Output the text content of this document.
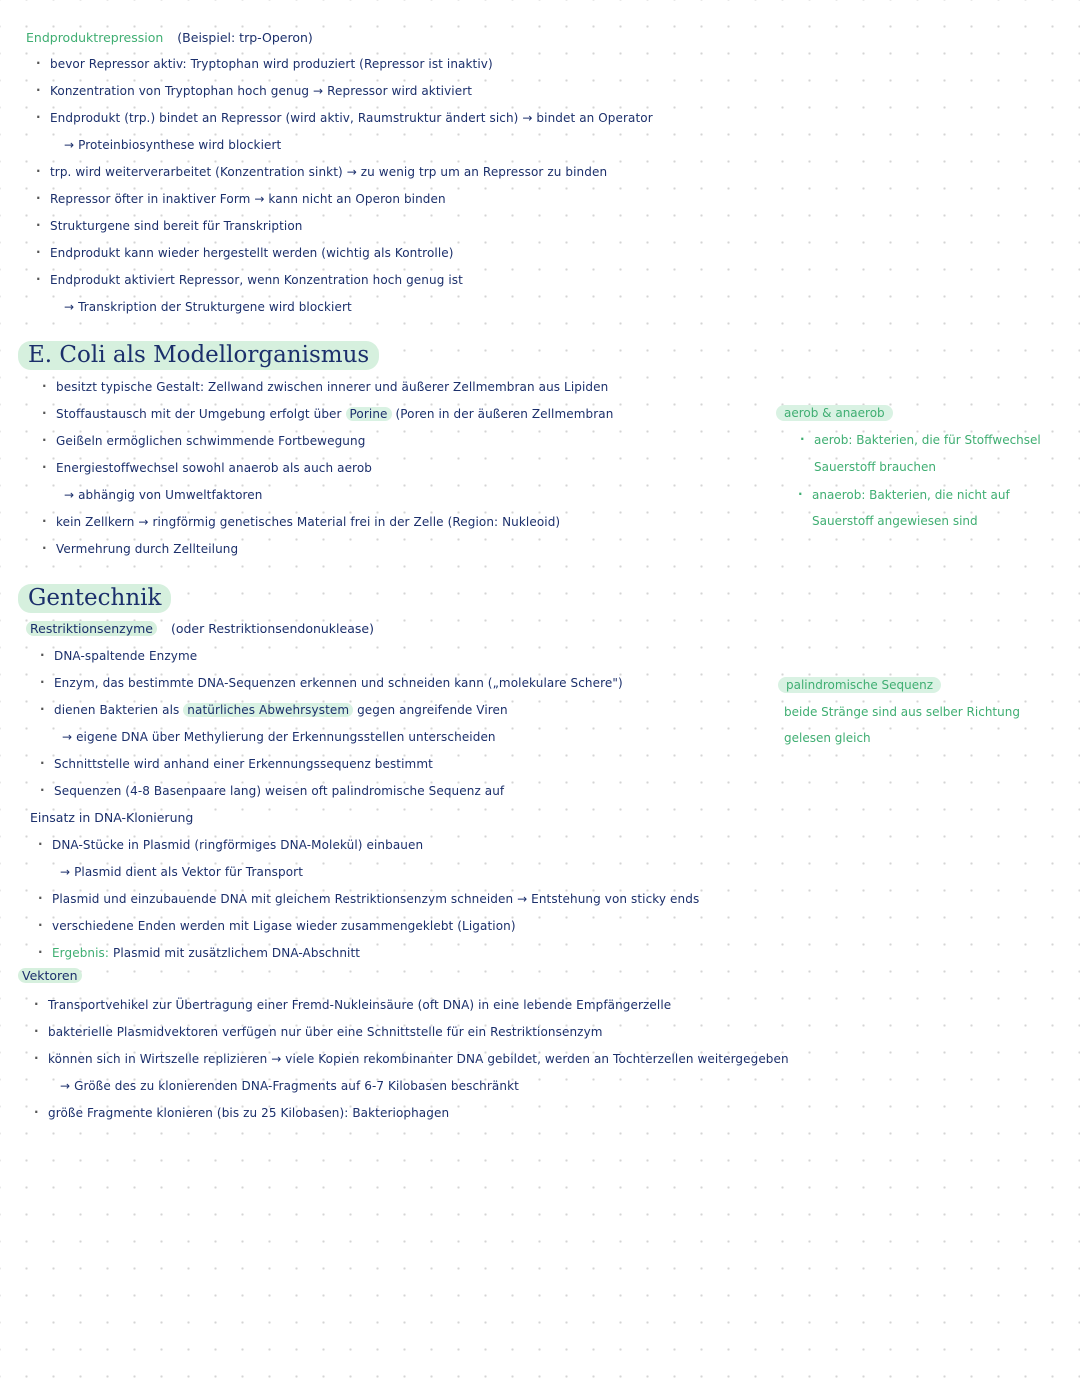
Endproduktrepression (Beispiel: trp-Operon)
· bevor Repressor aktiv: Tryptophan wird produziert (Repressor ist inaktiv)
· Konzentration von Tryptophan hoch genug → Repressor wird aktiviert
· Endprodukt (trp.) bindet an Repressor (wird aktiv, Raumstruktur ändert sich) → bindet an Operator
→ Proteinbiosynthese wird blockiert
· trp. wird weiterverarbeitet (Konzentration sinkt) → zu wenig trp um an Repressor zu binden
· Repressor öfter in inaktiver Form → kann nicht an Operon binden
· Strukturgene sind bereit für Transkription
· Endprodukt kann wieder hergestellt werden (wichtig als Kontrolle)
· Endprodukt aktiviert Repressor, wenn Konzentration hoch genug ist
→ Transkription der Strukturgene wird blockiert
E. Coli als Modellorganismus
· besitzt typische Gestalt: Zellwand zwischen innerer und äußerer Zellmembran aus Lipiden
· Stoffaustausch mit der Umgebung erfolgt über Porine (Poren in der äußeren Zellmembran
· Geißeln ermöglichen schwimmende Fortbewegung
· Energiestoffwechsel sowohl anaerob als auch aerob
→ abhängig von Umweltfaktoren
· kein Zellkern → ringförmig genetisches Material frei in der Zelle (Region: Nukleoid)
· Vermehrung durch Zellteilung
aerob & anaerob
· aerob: Bakterien, die für Stoffwechsel
Sauerstoff brauchen
· anaerob: Bakterien, die nicht auf
Sauerstoff angewiesen sind
Gentechnik
Restriktionsenzyme (oder Restriktionsendonuklease)
· DNA-spaltende Enzyme
· Enzym, das bestimmte DNA-Sequenzen erkennen und schneiden kann („molekulare Schere")
· dienen Bakterien als natürliches Abwehrsystem gegen angreifende Viren
→ eigene DNA über Methylierung der Erkennungsstellen unterscheiden
· Schnittstelle wird anhand einer Erkennungssequenz bestimmt
· Sequenzen (4-8 Basenpaare lang) weisen oft palindromische Sequenz auf
Einsatz in DNA-Klonierung
· DNA-Stücke in Plasmid (ringförmiges DNA-Molekül) einbauen
→ Plasmid dient als Vektor für Transport
· Plasmid und einzubauende DNA mit gleichem Restriktionsenzym schneiden → Entstehung von sticky ends
· verschiedene Enden werden mit Ligase wieder zusammengeklebt (Ligation)
· Ergebnis: Plasmid mit zusätzlichem DNA-Abschnitt
palindromische Sequenz
beide Stränge sind aus selber Richtung
gelesen gleich
Vektoren
· Transportvehikel zur Übertragung einer Fremd-Nukleinsäure (oft DNA) in eine lebende Empfängerzelle
· bakterielle Plasmidvektoren verfügen nur über eine Schnittstelle für ein Restriktionsenzym
· können sich in Wirtszelle replizieren → viele Kopien rekombinanter DNA gebildet, werden an Tochterzellen weitergegeben
→ Größe des zu klonierenden DNA-Fragments auf 6-7 Kilobasen beschränkt
· größe Fragmente klonieren (bis zu 25 Kilobasen): Bakteriophagen
